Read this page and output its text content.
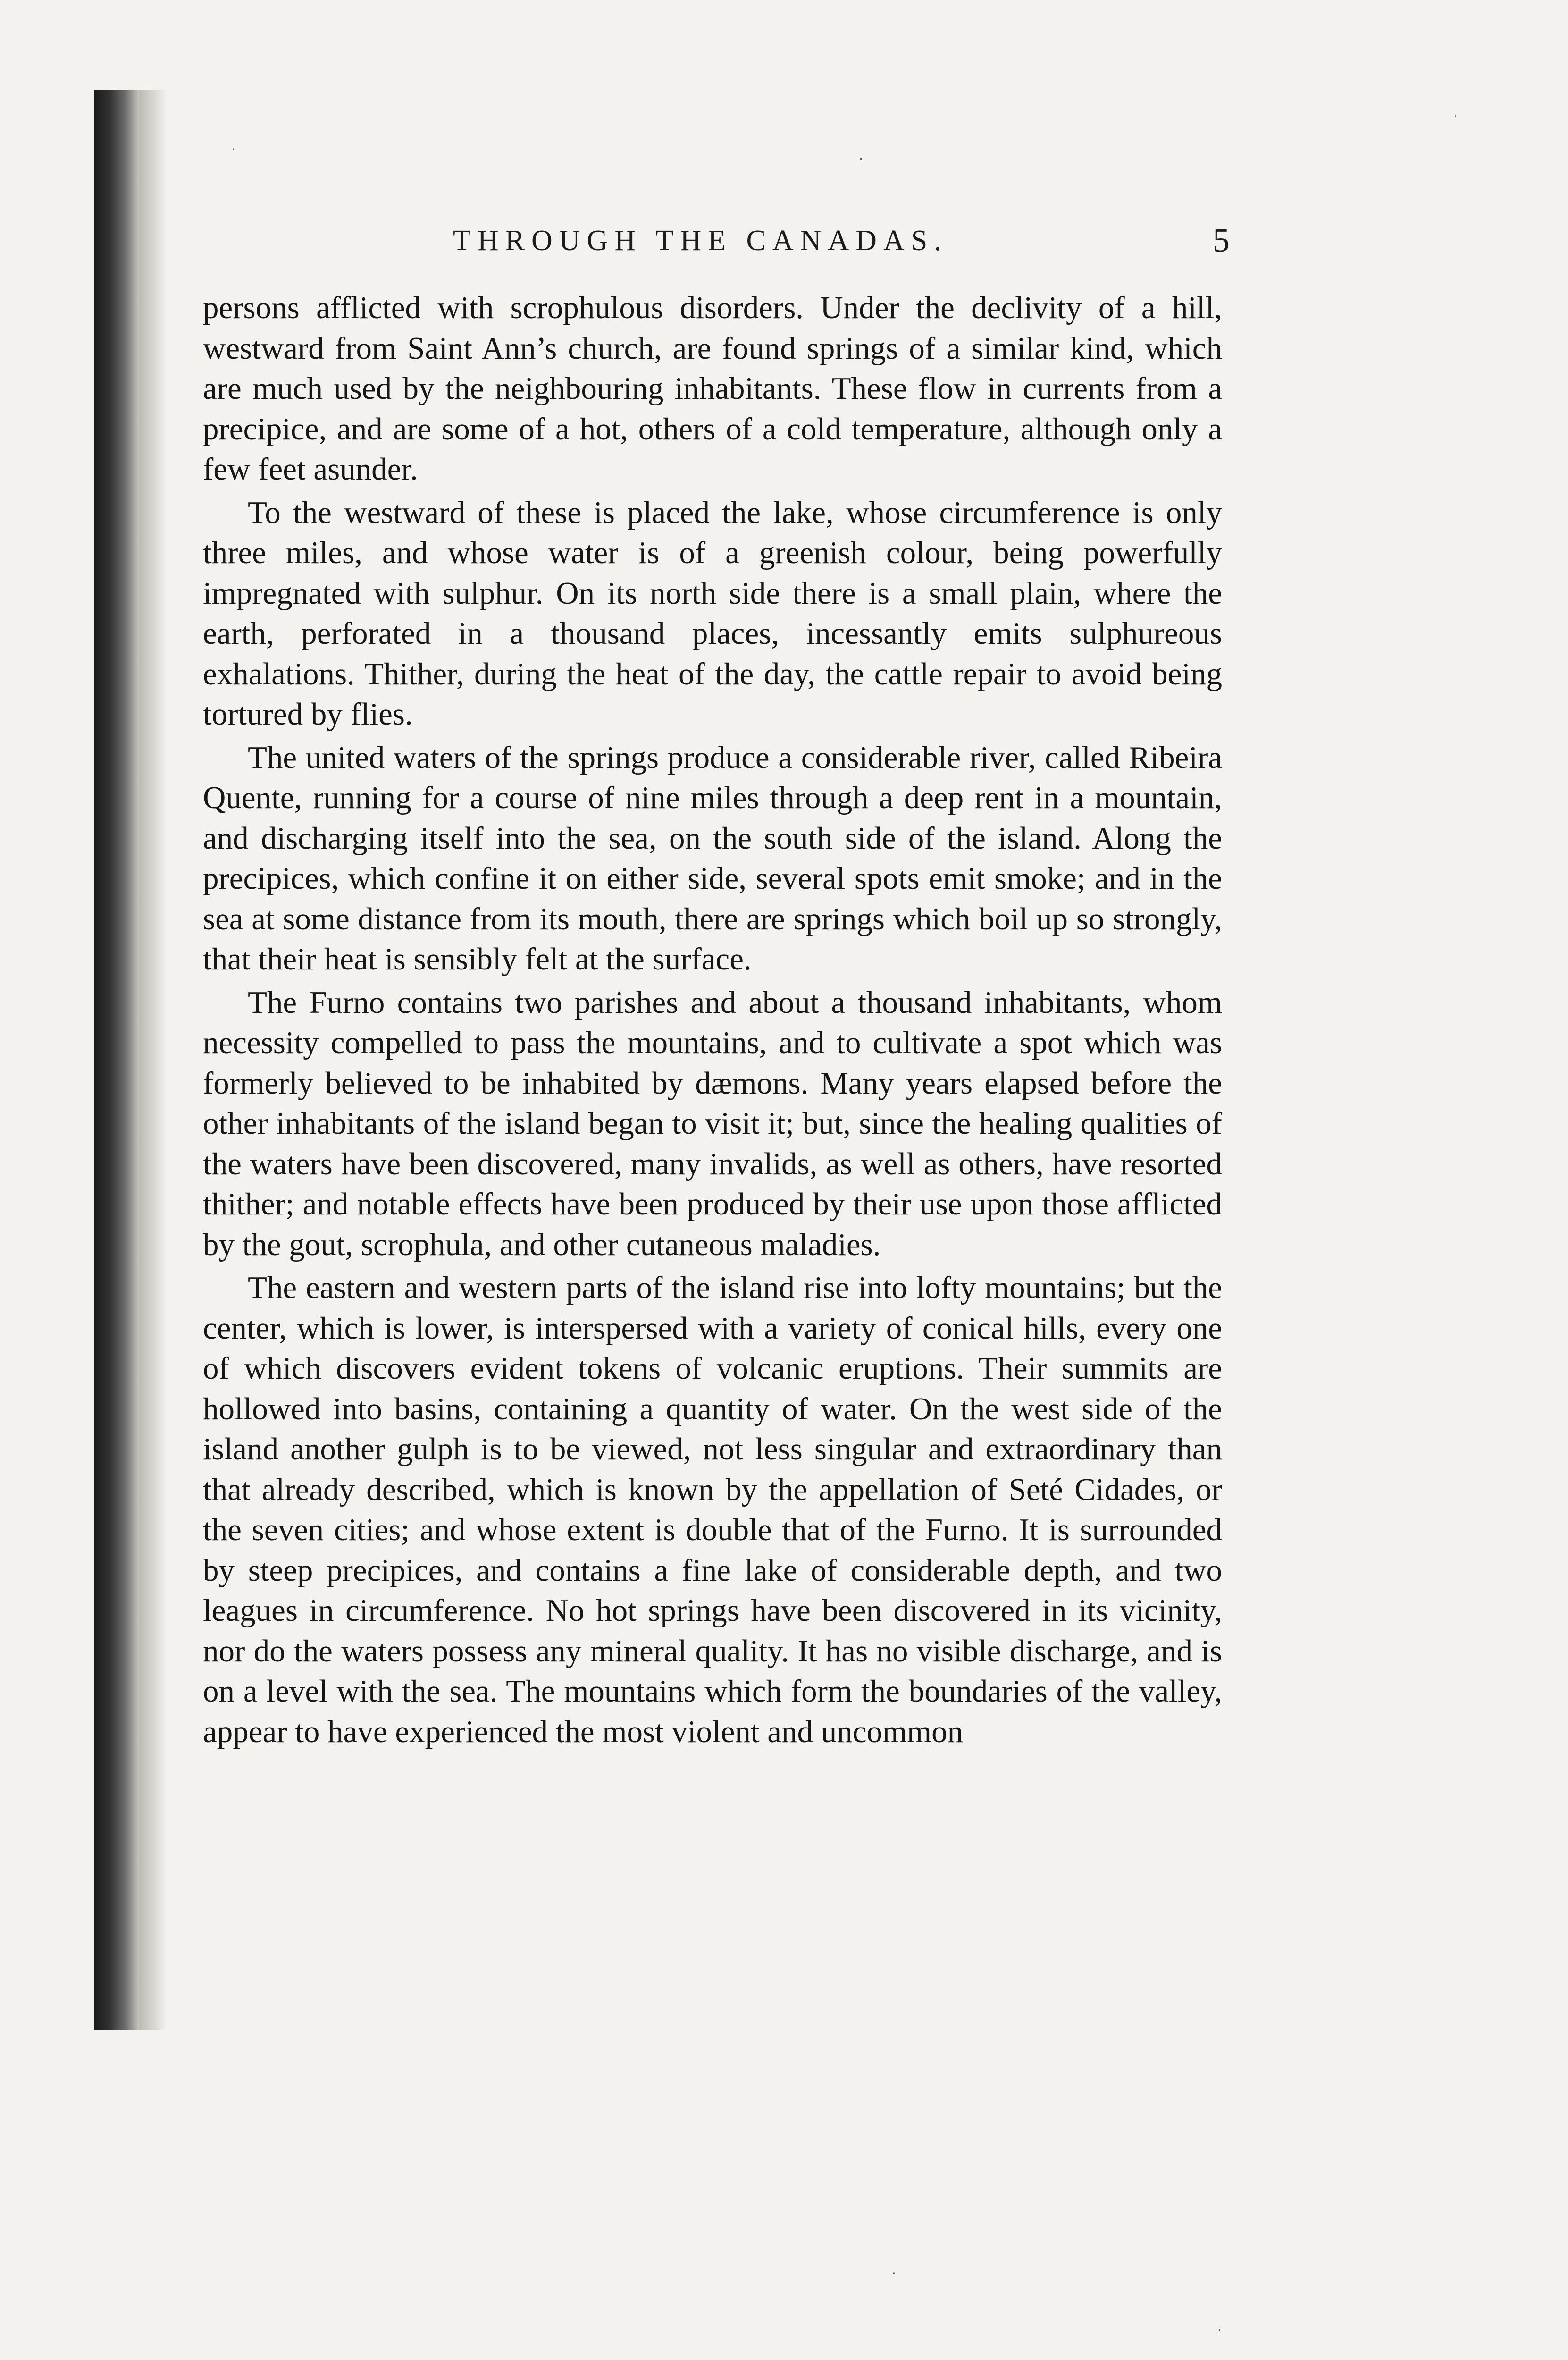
THROUGH THE CANADAS.	5

persons afflicted with scrophulous disorders. Under the declivity of a hill, westward from Saint Ann’s church, are found springs of a similar kind, which are much used by the neighbouring inhabitants. These flow in currents from a precipice, and are some of a hot, others of a cold temperature, although only a few feet asunder.

To the westward of these is placed the lake, whose circumference is only three miles, and whose water is of a greenish colour, being powerfully impregnated with sulphur. On its north side there is a small plain, where the earth, perforated in a thousand places, incessantly emits sulphureous exhalations. Thither, during the heat of the day, the cattle repair to avoid being tortured by flies.

The united waters of the springs produce a considerable river, called Ribeira Quente, running for a course of nine miles through a deep rent in a mountain, and discharging itself into the sea, on the south side of the island. Along the precipices, which confine it on either side, several spots emit smoke; and in the sea at some distance from its mouth, there are springs which boil up so strongly, that their heat is sensibly felt at the surface.

The Furno contains two parishes and about a thousand inhabitants, whom necessity compelled to pass the mountains, and to cultivate a spot which was formerly believed to be inhabited by dæmons. Many years elapsed before the other inhabitants of the island began to visit it; but, since the healing qualities of the waters have been discovered, many invalids, as well as others, have resorted thither; and notable effects have been produced by their use upon those afflicted by the gout, scrophula, and other cutaneous maladies.

The eastern and western parts of the island rise into lofty mountains; but the center, which is lower, is interspersed with a variety of conical hills, every one of which discovers evident tokens of volcanic eruptions. Their summits are hollowed into basins, containing a quantity of water. On the west side of the island another gulph is to be viewed, not less singular and extraordinary than that already described, which is known by the appellation of Seté Cidades, or the seven cities; and whose extent is double that of the Furno. It is surrounded by steep precipices, and contains a fine lake of considerable depth, and two leagues in circumference. No hot springs have been discovered in its vicinity, nor do the waters possess any mineral quality. It has no visible discharge, and is on a level with the sea. The mountains which form the boundaries of the valley, appear to have experienced the most violent and uncommon

·
·
·
·
·
